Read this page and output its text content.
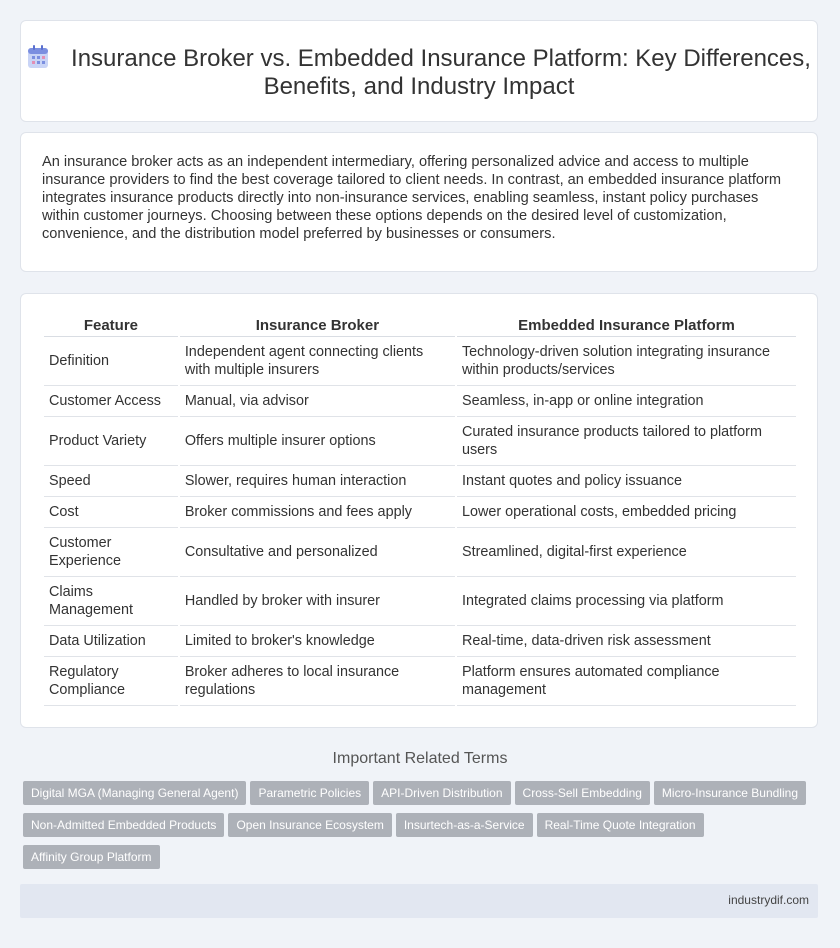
Insurance Broker vs. Embedded Insurance Platform: Key Differences, Benefits, and Industry Impact

An insurance broker acts as an independent intermediary, offering personalized advice and access to multiple insurance providers to find the best coverage tailored to client needs. In contrast, an embedded insurance platform integrates insurance products directly into non-insurance services, enabling seamless, instant policy purchases within customer journeys. Choosing between these options depends on the desired level of customization, convenience, and the distribution model preferred by businesses or consumers.

Feature	Insurance Broker	Embedded Insurance Platform
Definition	Independent agent connecting clients with multiple insurers	Technology-driven solution integrating insurance within products/services
Customer Access	Manual, via advisor	Seamless, in-app or online integration
Product Variety	Offers multiple insurer options	Curated insurance products tailored to platform users
Speed	Slower, requires human interaction	Instant quotes and policy issuance
Cost	Broker commissions and fees apply	Lower operational costs, embedded pricing
Customer Experience	Consultative and personalized	Streamlined, digital-first experience
Claims Management	Handled by broker with insurer	Integrated claims processing via platform
Data Utilization	Limited to broker's knowledge	Real-time, data-driven risk assessment
Regulatory Compliance	Broker adheres to local insurance regulations	Platform ensures automated compliance management
Important Related Terms
Digital MGA (Managing General Agent) Parametric Policies API-Driven Distribution Cross-Sell Embedding Micro-Insurance Bundling
Non-Admitted Embedded Products Open Insurance Ecosystem Insurtech-as-a-Service Real-Time Quote Integration
Affinity Group Platform
industrydif.com
